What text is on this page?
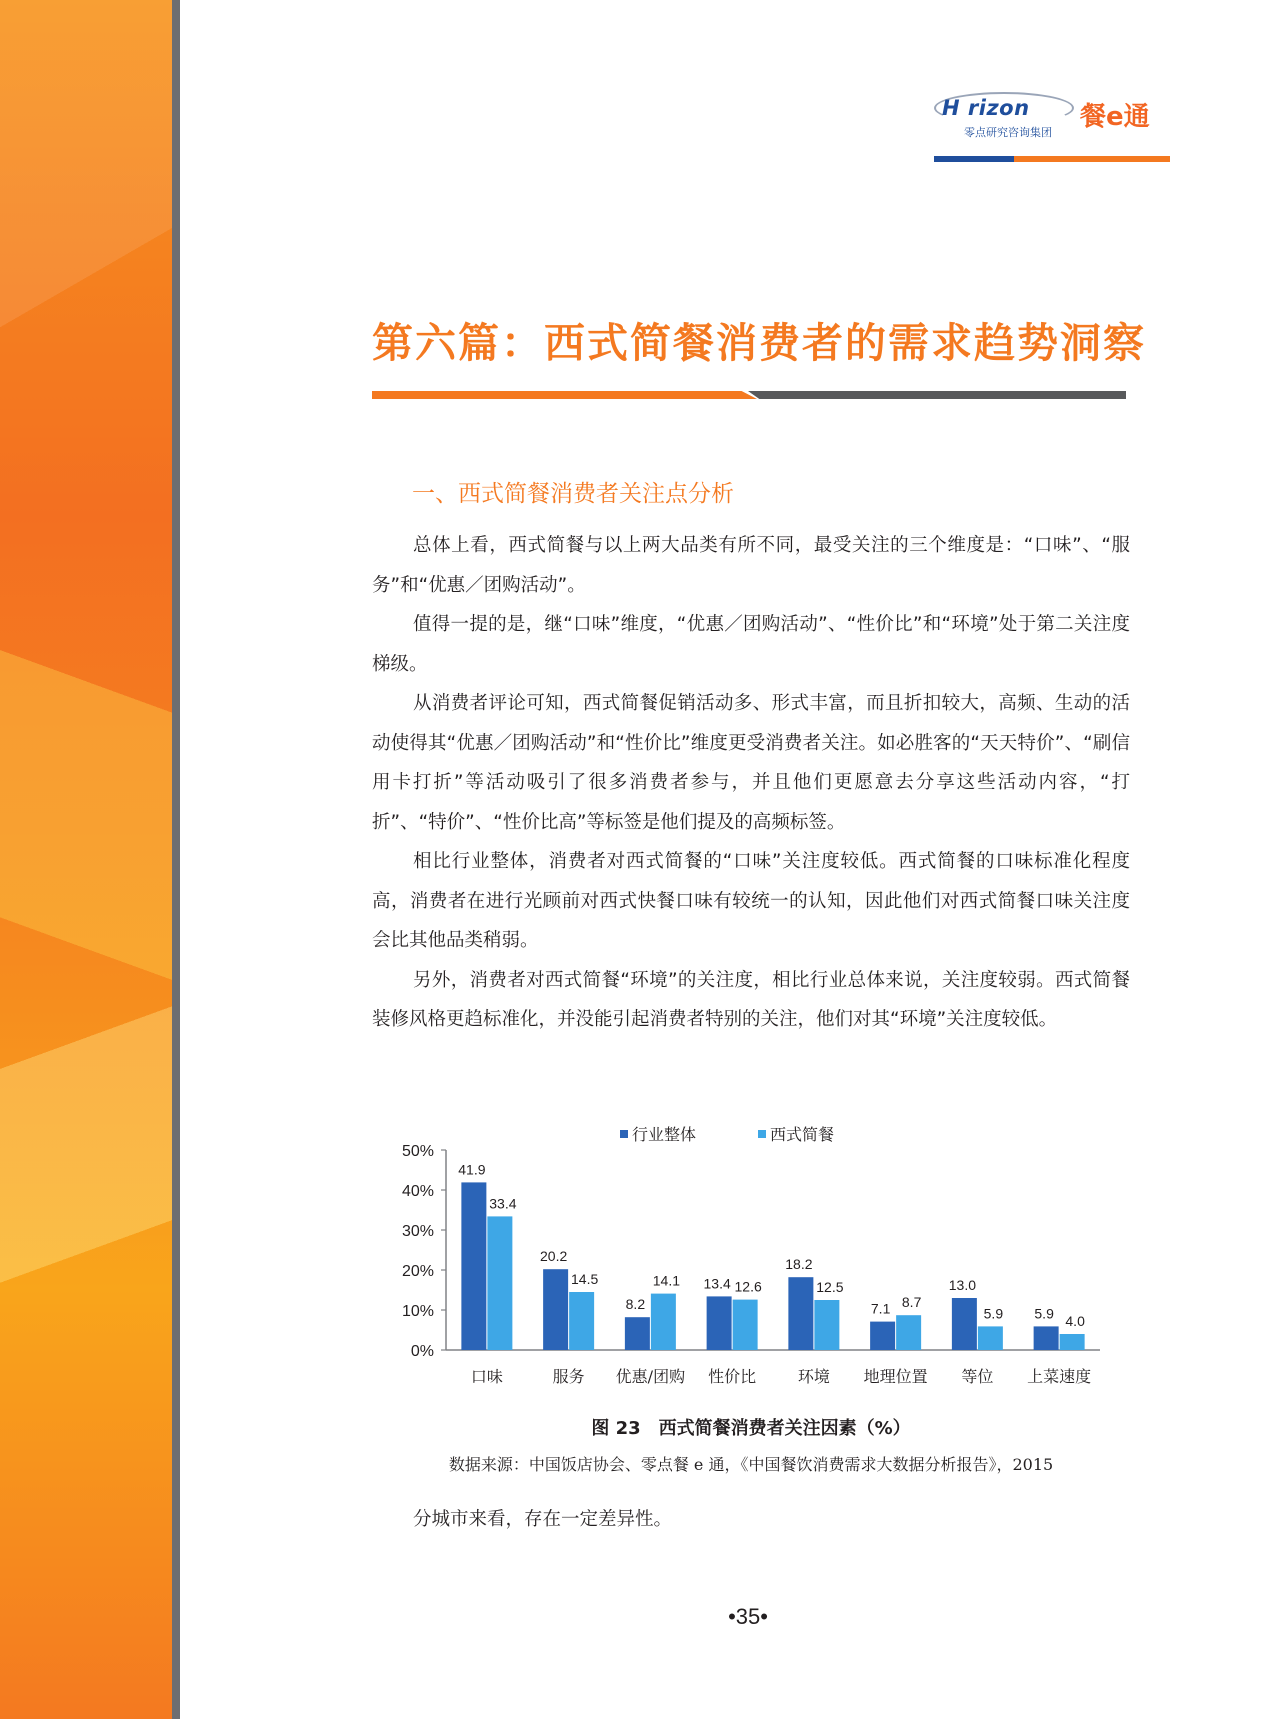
H rizon
零点研究咨询集团
餐e通
第六篇：西式简餐消费者的需求趋势洞察
一、西式简餐消费者关注点分析

总体上看，西式简餐与以上两大品类有所不同，最受关注的三个维度是：“口味”、“服务”和“优惠／团购活动”。

值得一提的是，继“口味”维度，“优惠／团购活动”、“性价比”和“环境”处于第二关注度梯级。

从消费者评论可知，西式简餐促销活动多、形式丰富，而且折扣较大，高频、生动的活动使得其“优惠／团购活动”和“性价比”维度更受消费者关注。如必胜客的“天天特价”、“刷信用卡打折”等活动吸引了很多消费者参与，并且他们更愿意去分享这些活动内容，“打折”、“特价”、“性价比高”等标签是他们提及的高频标签。

相比行业整体，消费者对西式简餐的“口味”关注度较低。西式简餐的口味标准化程度高，消费者在进行光顾前对西式快餐口味有较统一的认知，因此他们对西式简餐口味关注度会比其他品类稍弱。

另外，消费者对西式简餐“环境”的关注度，相比行业总体来说，关注度较弱。西式简餐装修风格更趋标准化，并没能引起消费者特别的关注，他们对其“环境”关注度较低。

0%
10%
20%
30%
40%
50%
41.9
33.4
口味
20.2
14.5
服务
8.2
14.1
优惠/团购
13.4 12.6
性价比
18.2
12.5
环境
7.1 8.7
地理位置
13.0
5.9
等位
5.9 4.0
上菜速度
行业整体	西式简餐
图 23　西式简餐消费者关注因素（%）
数据来源：中国饭店协会、零点餐 e 通，《中国餐饮消费需求大数据分析报告》，2015
分城市来看，存在一定差异性。
•35•
